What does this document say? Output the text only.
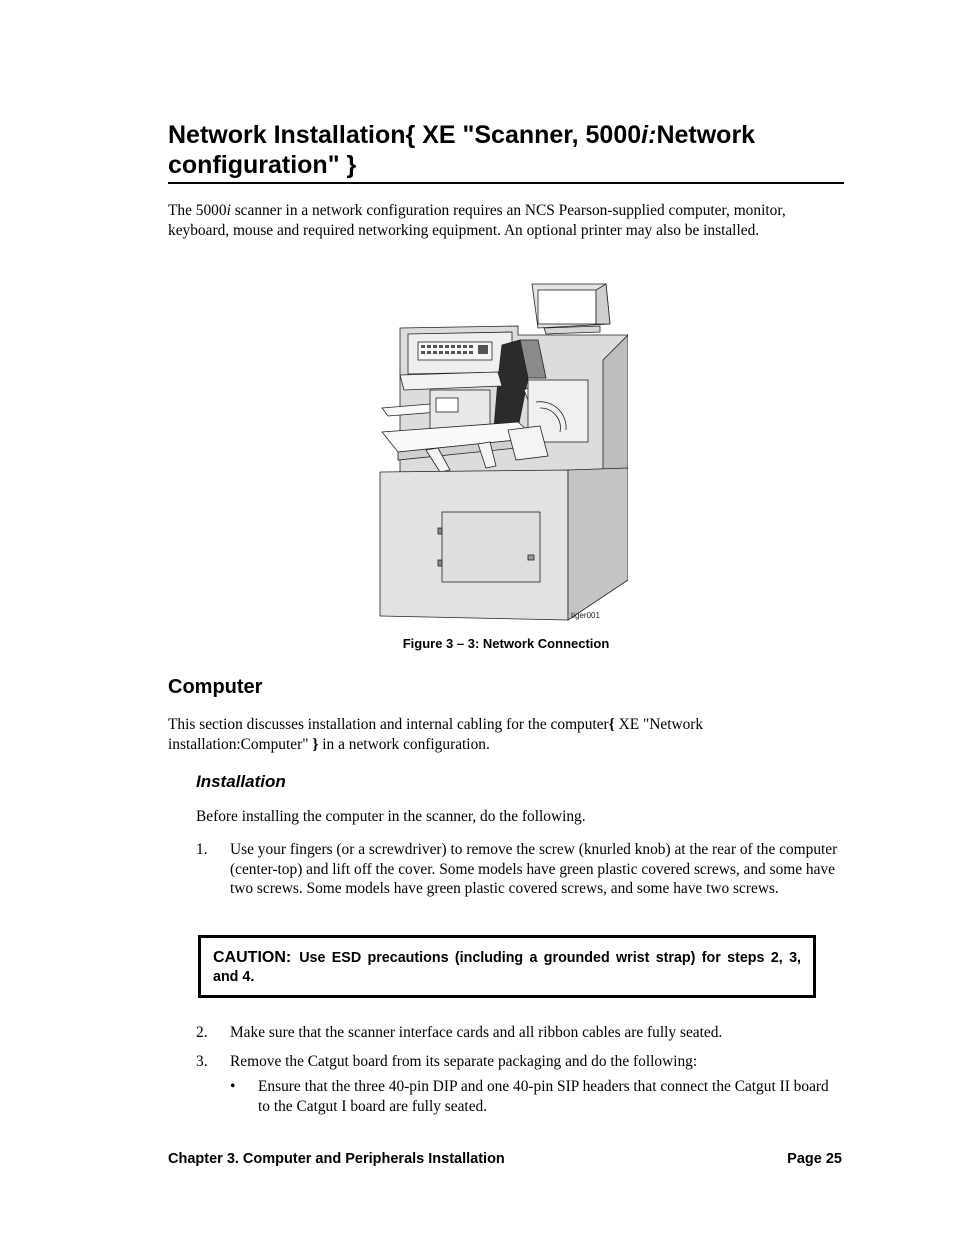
Network Installation{ XE "Scanner, 5000i:Network configuration" }

The 5000i scanner in a network configuration requires an NCS Pearson-supplied computer, monitor, keyboard, mouse and required networking equipment. An optional printer may also be installed.

tiger001
Figure 3 – 3: Network Connection
Computer

This section discusses installation and internal cabling for the computer{ XE "Network installation:Computer" } in a network configuration.

Installation

Before installing the computer in the scanner, do the following.

1. Use your fingers (or a screwdriver) to remove the screw (knurled knob) at the rear of the computer (center-top) and lift off the cover. Some models have green plastic covered screws, and some have two screws. Some models have green plastic covered screws, and some have two screws.
CAUTION: Use ESD precautions (including a grounded wrist strap) for steps 2, 3, and 4.
2. Make sure that the scanner interface cards and all ribbon cables are fully seated.
3. Remove the Catgut board from its separate packaging and do the following:
• Ensure that the three 40-pin DIP and one 40-pin SIP headers that connect the Catgut II board to the Catgut I board are fully seated.
Chapter 3. Computer and Peripherals Installation	Page 25
